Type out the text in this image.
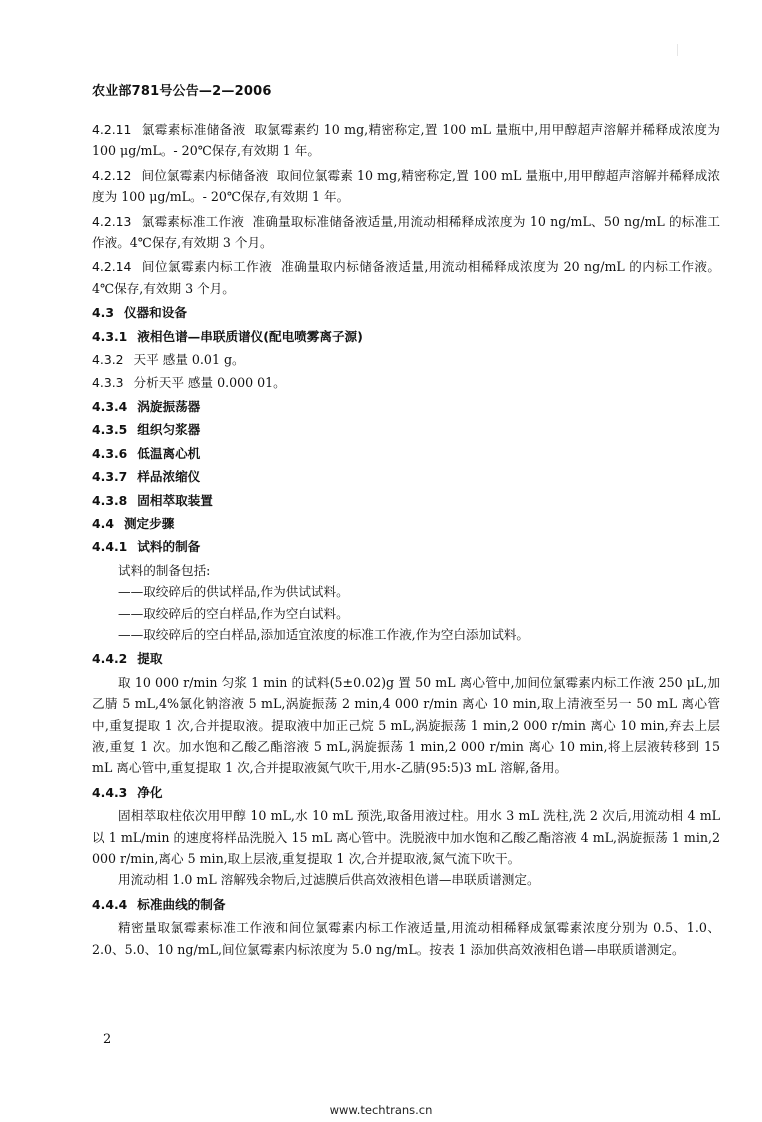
农业部781号公告—2—2006

4.2.11 氯霉素标准储备液 取氯霉素约 10 mg,精密称定,置 100 mL 量瓶中,用甲醇超声溶解并稀释成浓度为 100 μg/mL。- 20℃保存,有效期 1 年。

4.2.12 间位氯霉素内标储备液 取间位氯霉素 10 mg,精密称定,置 100 mL 量瓶中,用甲醇超声溶解并稀释成浓度为 100 μg/mL。- 20℃保存,有效期 1 年。

4.2.13 氯霉素标准工作液 准确量取标准储备液适量,用流动相稀释成浓度为 10 ng/mL、50 ng/mL 的标准工作液。4℃保存,有效期 3 个月。

4.2.14 间位氯霉素内标工作液 准确量取内标储备液适量,用流动相稀释成浓度为 20 ng/mL 的内标工作液。4℃保存,有效期 3 个月。

4.3 仪器和设备

4.3.1 液相色谱—串联质谱仪(配电喷雾离子源)

4.3.2 天平 感量 0.01 g。

4.3.3 分析天平 感量 0.000 01。

4.3.4 涡旋振荡器

4.3.5 组织匀浆器

4.3.6 低温离心机

4.3.7 样品浓缩仪

4.3.8 固相萃取装置

4.4 测定步骤

4.4.1 试料的制备

试料的制备包括:

——取绞碎后的供试样品,作为供试试料。

——取绞碎后的空白样品,作为空白试料。

——取绞碎后的空白样品,添加适宜浓度的标准工作液,作为空白添加试料。

4.4.2 提取

取 10 000 r/min 匀浆 1 min 的试料(5±0.02)g 置 50 mL 离心管中,加间位氯霉素内标工作液 250 μL,加乙腈 5 mL,4%氯化钠溶液 5 mL,涡旋振荡 2 min,4 000 r/min 离心 10 min,取上清液至另一 50 mL 离心管中,重复提取 1 次,合并提取液。提取液中加正己烷 5 mL,涡旋振荡 1 min,2 000 r/min 离心 10 min,弃去上层液,重复 1 次。加水饱和乙酸乙酯溶液 5 mL,涡旋振荡 1 min,2 000 r/min 离心 10 min,将上层液转移到 15 mL 离心管中,重复提取 1 次,合并提取液氮气吹干,用水-乙腈(95:5)3 mL 溶解,备用。

4.4.3 净化

固相萃取柱依次用甲醇 10 mL,水 10 mL 预洗,取备用液过柱。用水 3 mL 洗柱,洗 2 次后,用流动相 4 mL 以 1 mL/min 的速度将样品洗脱入 15 mL 离心管中。洗脱液中加水饱和乙酸乙酯溶液 4 mL,涡旋振荡 1 min,2 000 r/min,离心 5 min,取上层液,重复提取 1 次,合并提取液,氮气流下吹干。

用流动相 1.0 mL 溶解残余物后,过滤膜后供高效液相色谱—串联质谱测定。

4.4.4 标准曲线的制备

精密量取氯霉素标准工作液和间位氯霉素内标工作液适量,用流动相稀释成氯霉素浓度分别为 0.5、1.0、2.0、5.0、10 ng/mL,间位氯霉素内标浓度为 5.0 ng/mL。按表 1 添加供高效液相色谱—串联质谱测定。

2
www.techtrans.cn
